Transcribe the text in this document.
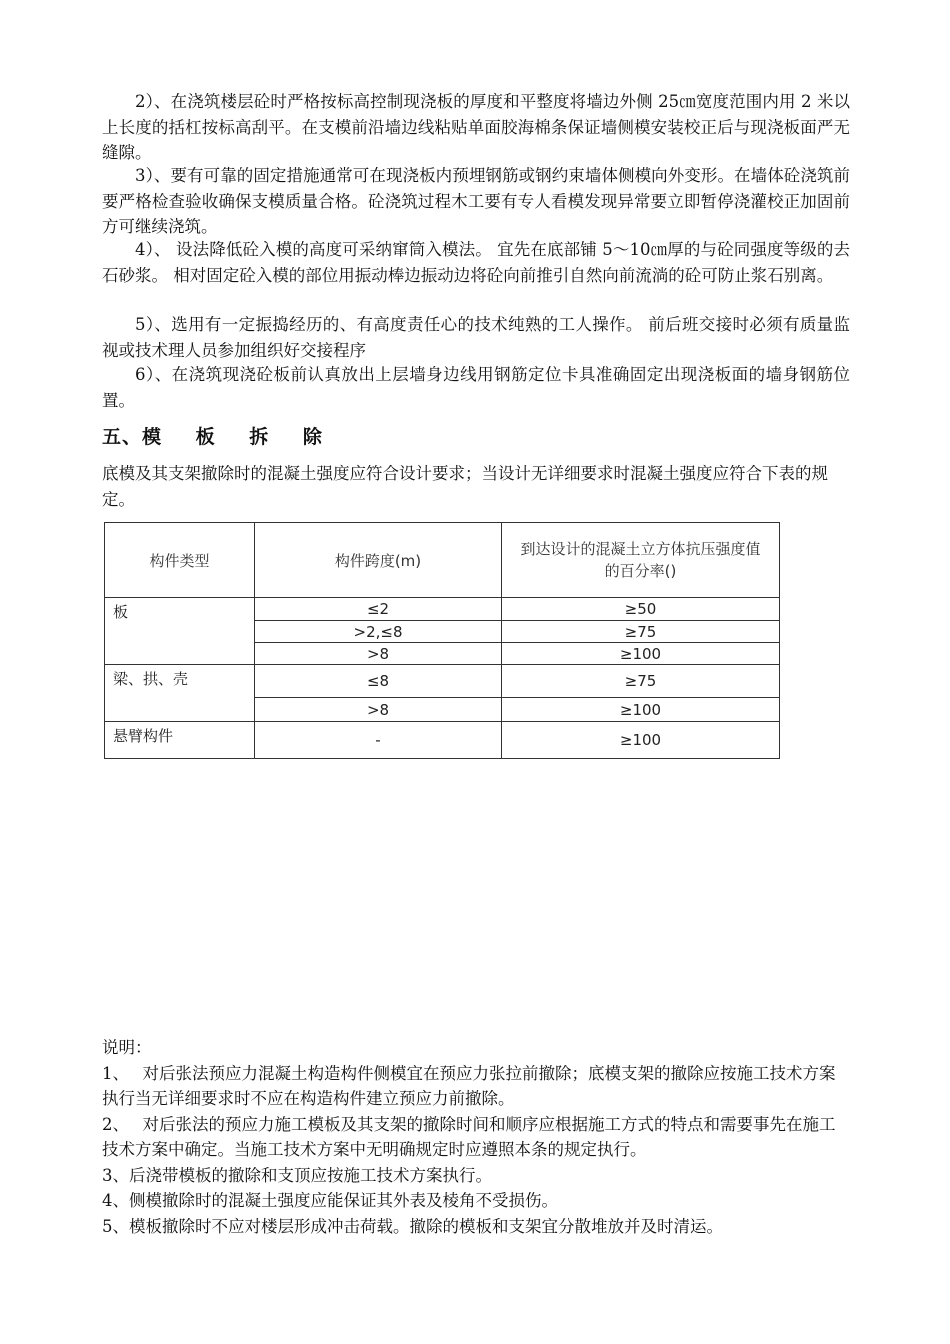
2）、在浇筑楼层砼时严格按标高控制现浇板的厚度和平整度将墙边外侧 25㎝宽度范围内用 2 米以上长度的括杠按标高刮平。在支模前沿墙边线粘贴单面胶海棉条保证墙侧模安装校正后与现浇板面严无缝隙。

3）、要有可靠的固定措施通常可在现浇板内预埋钢筋或钢约束墙体侧模向外变形。在墙体砼浇筑前要严格检查验收确保支模质量合格。砼浇筑过程木工要有专人看模发现异常要立即暂停浇灌校正加固前方可继续浇筑。

4）、 设法降低砼入模的高度可采纳窜筒入模法。 宜先在底部铺 5～10㎝厚的与砼同强度等级的去石砂浆。 相对固定砼入模的部位用振动棒边振动边将砼向前推引自然向前流淌的砼可防止浆石别离。

5）、选用有一定振捣经历的、有高度责任心的技术纯熟的工人操作。 前后班交接时必须有质量监视或技术理人员参加组织好交接程序

6）、在浇筑现浇砼板前认真放出上层墙身边线用钢筋定位卡具准确固定出现浇板面的墙身钢筋位置。

五、模 板 拆 除

底模及其支架撤除时的混凝土强度应符合设计要求；当设计无详细要求时混凝土强度应符合下表的规定。

构件类型	构件跨度(m)	到达设计的混凝土立方体抗压强度值的百分率()
板	≤2	≥50
	>2,≤8	≥75
	>8	≥100
梁、拱、壳	≤8	≥75
	>8	≥100
悬臂构件	-	≥100

说明：

1、　 对后张法预应力混凝土构造构件侧模宜在预应力张拉前撤除；底模支架的撤除应按施工技术方案执行当无详细要求时不应在构造构件建立预应力前撤除。

2、　 对后张法的预应力施工模板及其支架的撤除时间和顺序应根据施工方式的特点和需要事先在施工技术方案中确定。当施工技术方案中无明确规定时应遵照本条的规定执行。

3、后浇带模板的撤除和支顶应按施工技术方案执行。

4、侧模撤除时的混凝土强度应能保证其外表及棱角不受损伤。

5、模板撤除时不应对楼层形成冲击荷载。撤除的模板和支架宜分散堆放并及时清运。
